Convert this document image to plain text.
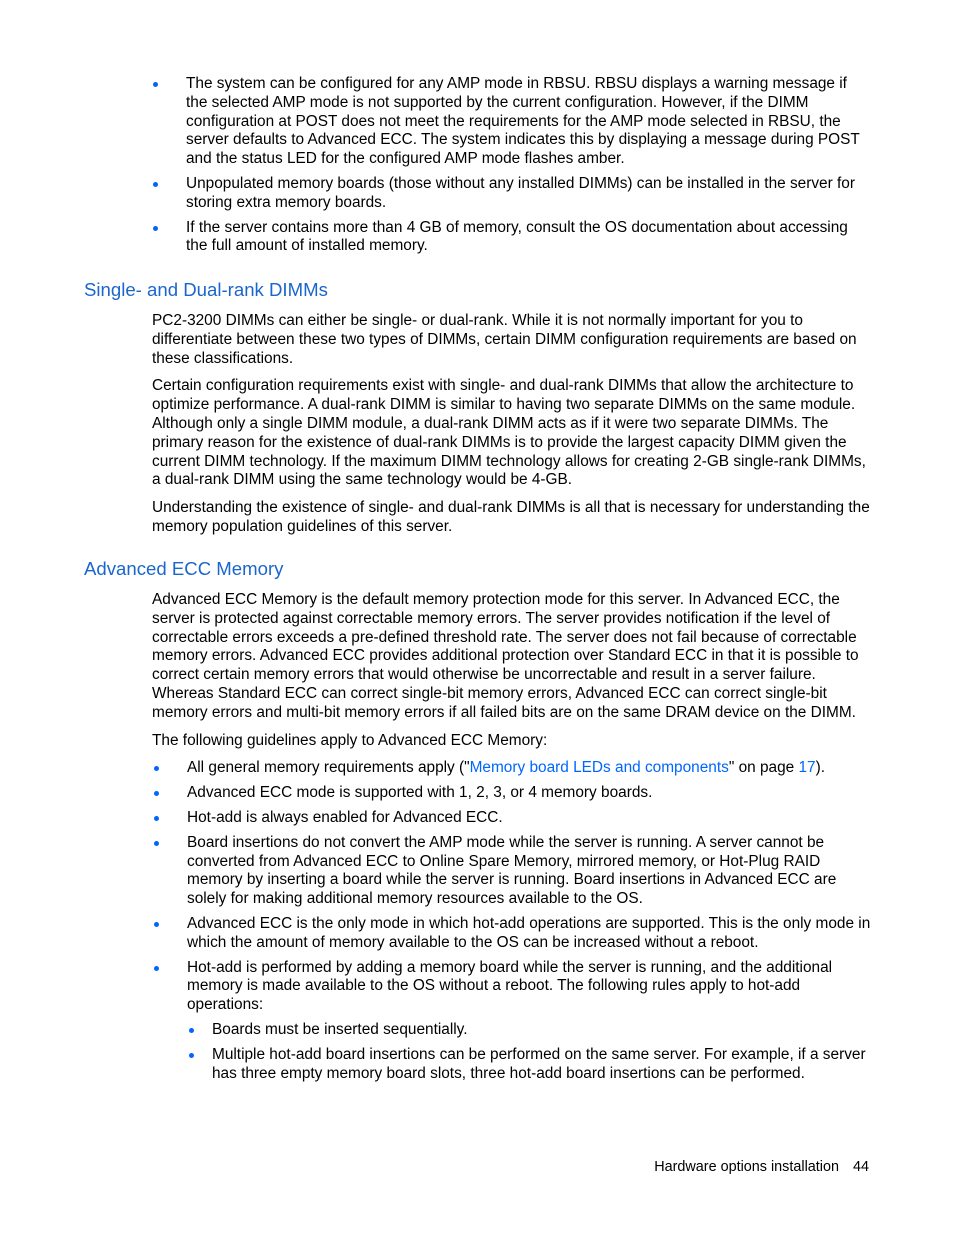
The system can be configured for any AMP mode in RBSU. RBSU displays a warning message if the selected AMP mode is not supported by the current configuration. However, if the DIMM configuration at POST does not meet the requirements for the AMP mode selected in RBSU, the server defaults to Advanced ECC. The system indicates this by displaying a message during POST and the status LED for the configured AMP mode flashes amber.
Unpopulated memory boards (those without any installed DIMMs) can be installed in the server for storing extra memory boards.
If the server contains more than 4 GB of memory, consult the OS documentation about accessing the full amount of installed memory.
Single- and Dual-rank DIMMs

PC2-3200 DIMMs can either be single- or dual-rank. While it is not normally important for you to differentiate between these two types of DIMMs, certain DIMM configuration requirements are based on these classifications.

Certain configuration requirements exist with single- and dual-rank DIMMs that allow the architecture to optimize performance. A dual-rank DIMM is similar to having two separate DIMMs on the same module. Although only a single DIMM module, a dual-rank DIMM acts as if it were two separate DIMMs. The primary reason for the existence of dual-rank DIMMs is to provide the largest capacity DIMM given the current DIMM technology. If the maximum DIMM technology allows for creating 2-GB single-rank DIMMs, a dual-rank DIMM using the same technology would be 4-GB.

Understanding the existence of single- and dual-rank DIMMs is all that is necessary for understanding the memory population guidelines of this server.

Advanced ECC Memory

Advanced ECC Memory is the default memory protection mode for this server. In Advanced ECC, the server is protected against correctable memory errors. The server provides notification if the level of correctable errors exceeds a pre-defined threshold rate. The server does not fail because of correctable memory errors. Advanced ECC provides additional protection over Standard ECC in that it is possible to correct certain memory errors that would otherwise be uncorrectable and result in a server failure. Whereas Standard ECC can correct single-bit memory errors, Advanced ECC can correct single-bit memory errors and multi-bit memory errors if all failed bits are on the same DRAM device on the DIMM.

The following guidelines apply to Advanced ECC Memory:

All general memory requirements apply ("Memory board LEDs and components" on page 17).
Advanced ECC mode is supported with 1, 2, 3, or 4 memory boards.
Hot-add is always enabled for Advanced ECC.
Board insertions do not convert the AMP mode while the server is running. A server cannot be converted from Advanced ECC to Online Spare Memory, mirrored memory, or Hot-Plug RAID memory by inserting a board while the server is running. Board insertions in Advanced ECC are solely for making additional memory resources available to the OS.
Advanced ECC is the only mode in which hot-add operations are supported. This is the only mode in which the amount of memory available to the OS can be increased without a reboot.
Hot-add is performed by adding a memory board while the server is running, and the additional memory is made available to the OS without a reboot. The following rules apply to hot-add operations:
Boards must be inserted sequentially.
Multiple hot-add board insertions can be performed on the same server. For example, if a server has three empty memory board slots, three hot-add board insertions can be performed.
Hardware options installation 44
